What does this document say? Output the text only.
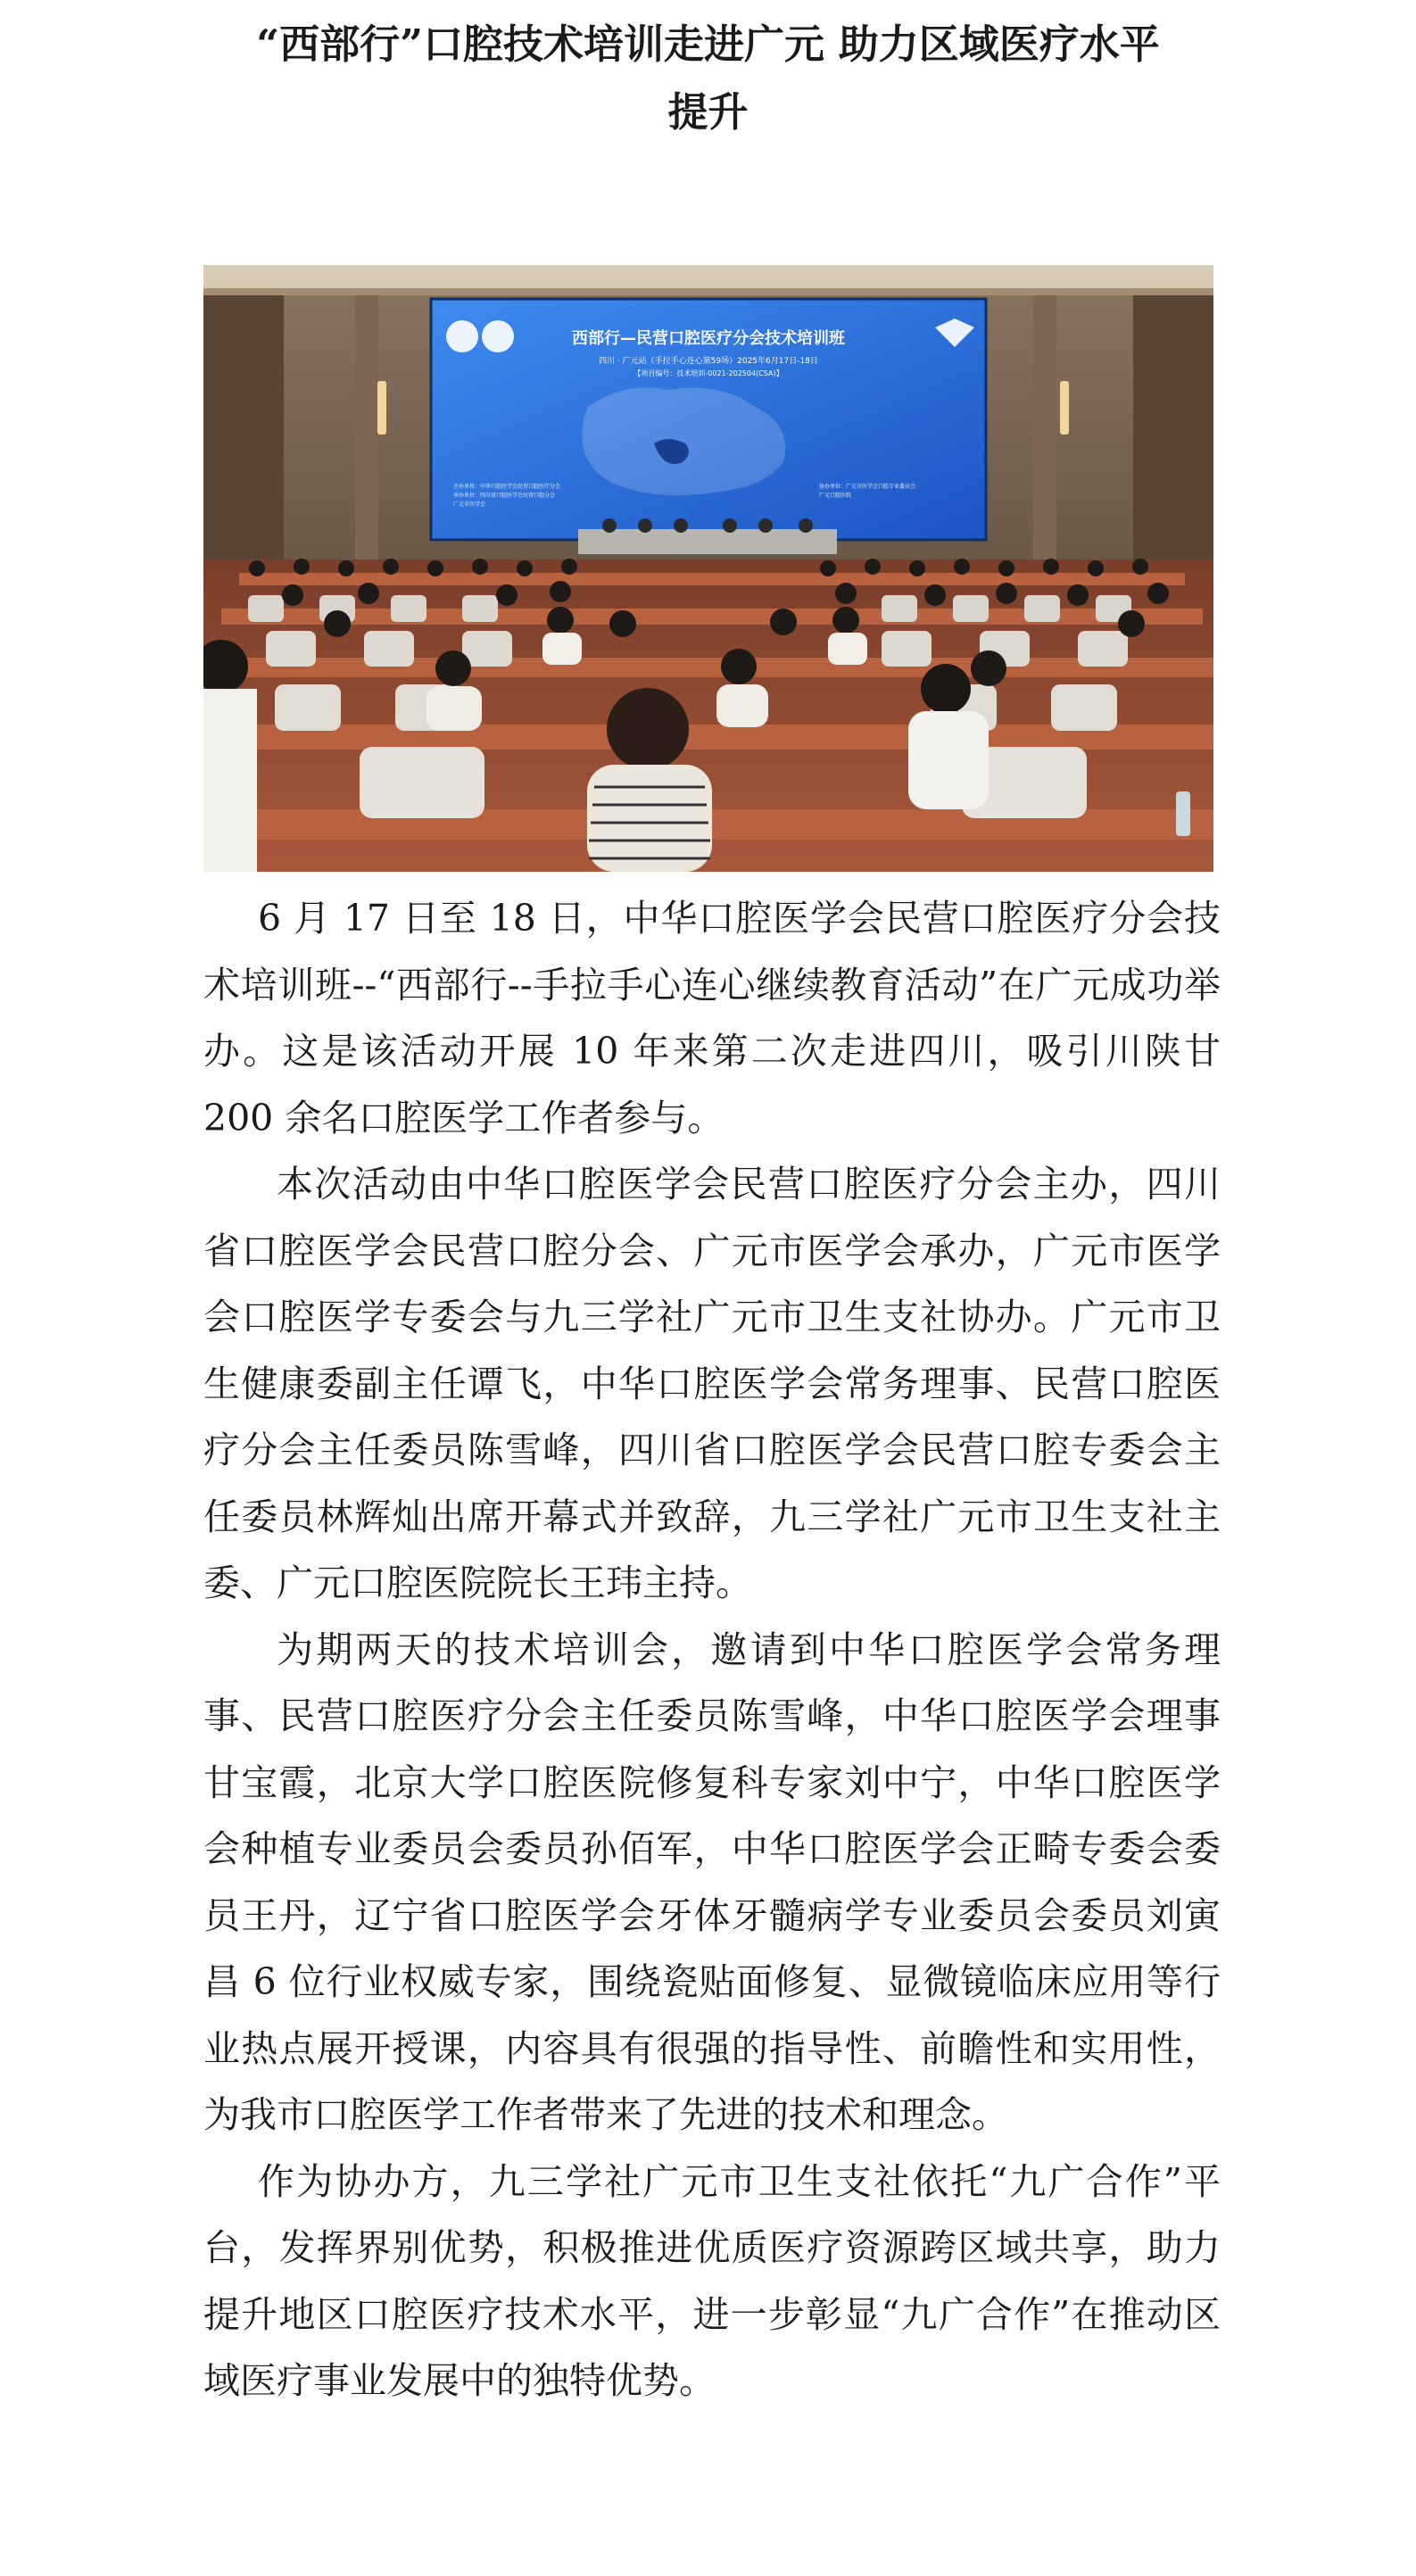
“西部行”口腔技术培训走进广元 助力区域医疗水平
提升
西部行—民营口腔医疗分会技术培训班
四川 · 广元站（手拉手心连心第59场）2025年6月17日-18日
【项目编号：技术培训-0021-202504(CSA)】
主办单位：中华口腔医学会民营口腔医疗分会
承办单位：四川省口腔医学会民营口腔分会
广元市医学会
协办单位：广元市医学会口腔专业委员会
广元口腔医院

6 月 17 日至 18 日，中华口腔医学会民营口腔医疗分会技术培训班--“西部行--手拉手心连心继续教育活动”在广元成功举办。这是该活动开展 10 年来第二次走进四川，吸引川陕甘 200 余名口腔医学工作者参与。

本次活动由中华口腔医学会民营口腔医疗分会主办，四川省口腔医学会民营口腔分会、广元市医学会承办，广元市医学会口腔医学专委会与九三学社广元市卫生支社协办。广元市卫生健康委副主任谭飞，中华口腔医学会常务理事、民营口腔医疗分会主任委员陈雪峰，四川省口腔医学会民营口腔专委会主任委员林辉灿出席开幕式并致辞，九三学社广元市卫生支社主委、广元口腔医院院长王玮主持。

为期两天的技术培训会，邀请到中华口腔医学会常务理事、民营口腔医疗分会主任委员陈雪峰，中华口腔医学会理事甘宝霞，北京大学口腔医院修复科专家刘中宁，中华口腔医学会种植专业委员会委员孙佰军，中华口腔医学会正畸专委会委员王丹，辽宁省口腔医学会牙体牙髓病学专业委员会委员刘寅昌 6 位行业权威专家，围绕瓷贴面修复、显微镜临床应用等行业热点展开授课，内容具有很强的指导性、前瞻性和实用性，为我市口腔医学工作者带来了先进的技术和理念。

作为协办方，九三学社广元市卫生支社依托“九广合作”平台，发挥界别优势，积极推进优质医疗资源跨区域共享，助力提升地区口腔医疗技术水平，进一步彰显“九广合作”在推动区域医疗事业发展中的独特优势。
